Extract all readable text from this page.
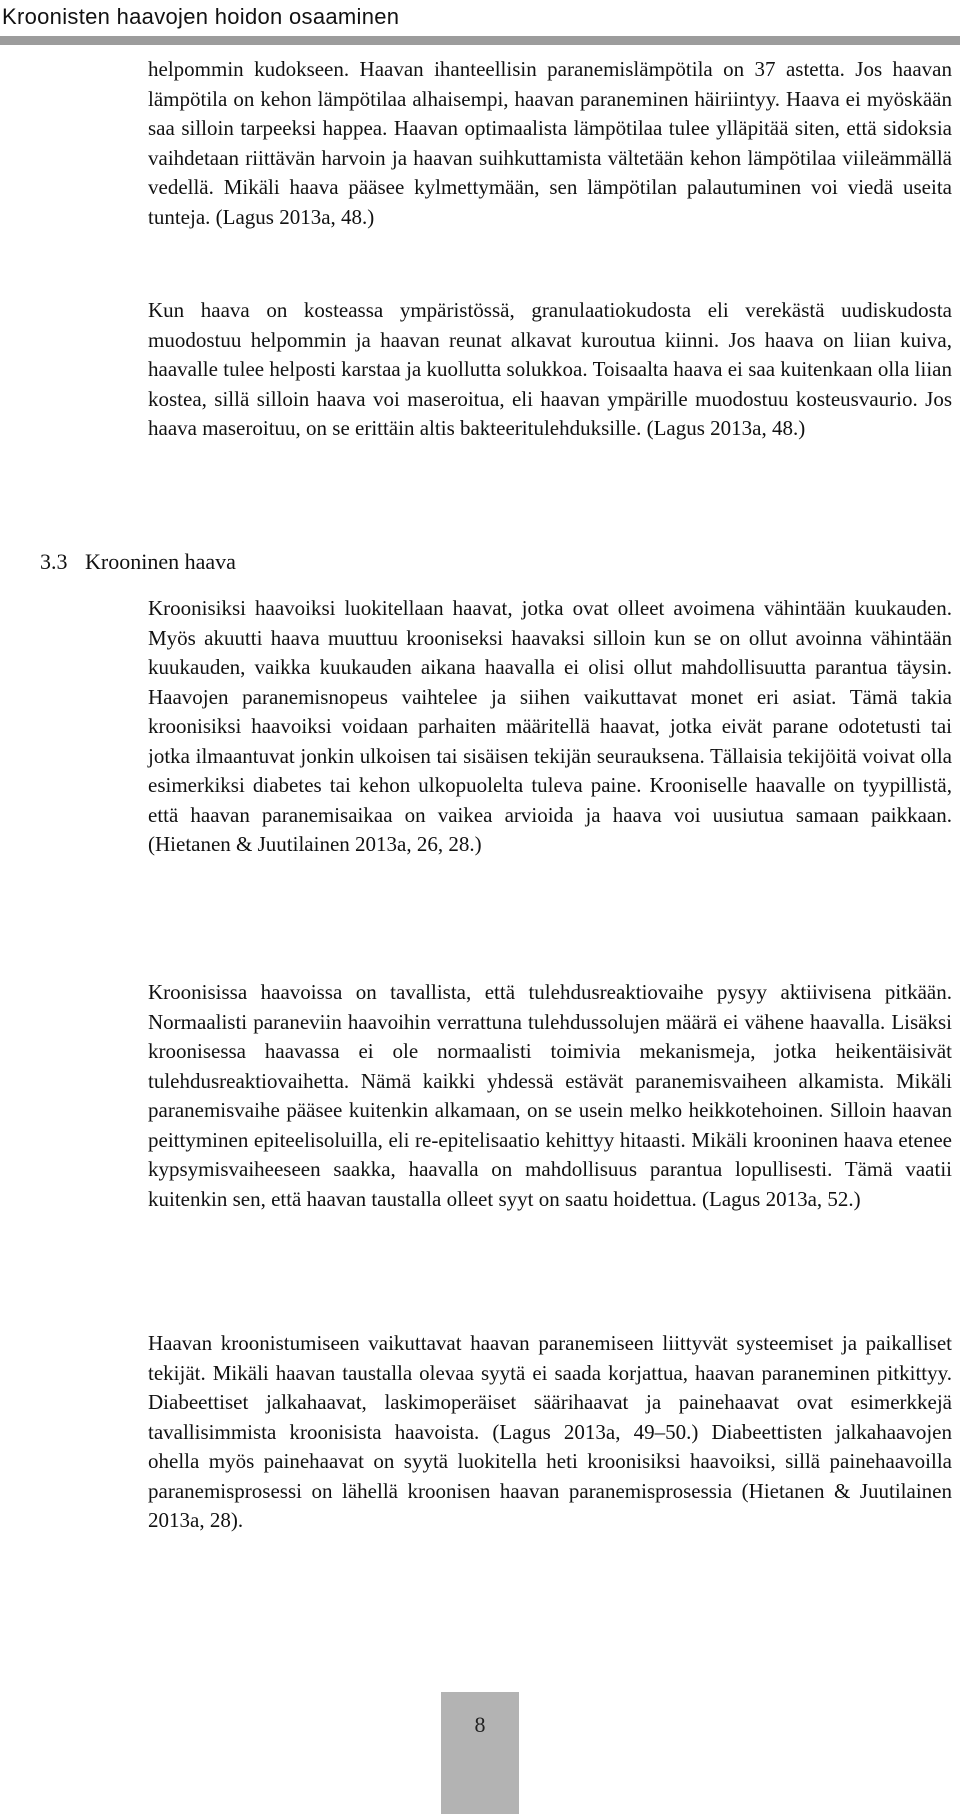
Kroonisten haavojen hoidon osaaminen

helpommin kudokseen. Haavan ihanteellisin paranemislämpötila on 37 astetta. Jos haavan lämpötila on kehon lämpötilaa alhaisempi, haavan paraneminen häiriintyy. Haava ei myöskään saa silloin tarpeeksi happea. Haavan optimaalista lämpötilaa tulee ylläpitää siten, että sidoksia vaihdetaan riittävän harvoin ja haavan suihkuttamista vältetään kehon lämpötilaa viileämmällä vedellä. Mikäli haava pääsee kylmettymään, sen lämpötilan palautuminen voi viedä useita tunteja. (Lagus 2013a, 48.)

Kun haava on kosteassa ympäristössä, granulaatiokudosta eli verekästä uudiskudosta muodostuu helpommin ja haavan reunat alkavat kuroutua kiinni. Jos haava on liian kuiva, haavalle tulee helposti karstaa ja kuollutta solukkoa. Toisaalta haava ei saa kuitenkaan olla liian kostea, sillä silloin haava voi maseroitua, eli haavan ympärille muodostuu kosteusvaurio. Jos haava maseroituu, on se erittäin altis bakteeritulehduksille. (Lagus 2013a, 48.)

3.3 Krooninen haava

Kroonisiksi haavoiksi luokitellaan haavat, jotka ovat olleet avoimena vähintään kuukauden. Myös akuutti haava muuttuu krooniseksi haavaksi silloin kun se on ollut avoinna vähintään kuukauden, vaikka kuukauden aikana haavalla ei olisi ollut mahdollisuutta parantua täysin. Haavojen paranemisnopeus vaihtelee ja siihen vaikuttavat monet eri asiat. Tämä takia kroonisiksi haavoiksi voidaan parhaiten määritellä haavat, jotka eivät parane odotetusti tai jotka ilmaantuvat jonkin ulkoisen tai sisäisen tekijän seurauksena. Tällaisia tekijöitä voivat olla esimerkiksi diabetes tai kehon ulkopuolelta tuleva paine. Krooniselle haavalle on tyypillistä, että haavan paranemisaikaa on vaikea arvioida ja haava voi uusiutua samaan paikkaan. (Hietanen & Juutilainen 2013a, 26, 28.)

Kroonisissa haavoissa on tavallista, että tulehdusreaktiovaihe pysyy aktiivisena pitkään. Normaalisti paraneviin haavoihin verrattuna tulehdussolujen määrä ei vähene haavalla. Lisäksi kroonisessa haavassa ei ole normaalisti toimivia mekanismeja, jotka heikentäisivät tulehdusreaktiovaihetta. Nämä kaikki yhdessä estävät paranemisvaiheen alkamista. Mikäli paranemisvaihe pääsee kuitenkin alkamaan, on se usein melko heikkotehoinen. Silloin haavan peittyminen epiteelisoluilla, eli re-epitelisaatio kehittyy hitaasti. Mikäli krooninen haava etenee kypsymisvaiheeseen saakka, haavalla on mahdollisuus parantua lopullisesti. Tämä vaatii kuitenkin sen, että haavan taustalla olleet syyt on saatu hoidettua. (Lagus 2013a, 52.)

Haavan kroonistumiseen vaikuttavat haavan paranemiseen liittyvät systeemiset ja paikalliset tekijät. Mikäli haavan taustalla olevaa syytä ei saada korjattua, haavan paraneminen pitkittyy. Diabeettiset jalkahaavat, laskimoperäiset säärihaavat ja painehaavat ovat esimerkkejä tavallisimmista kroonisista haavoista. (Lagus 2013a, 49–50.) Diabeettisten jalkahaavojen ohella myös painehaavat on syytä luokitella heti kroonisiksi haavoiksi, sillä painehaavoilla paranemisprosessi on lähellä kroonisen haavan paranemisprosessia (Hietanen & Juutilainen 2013a, 28).

8
